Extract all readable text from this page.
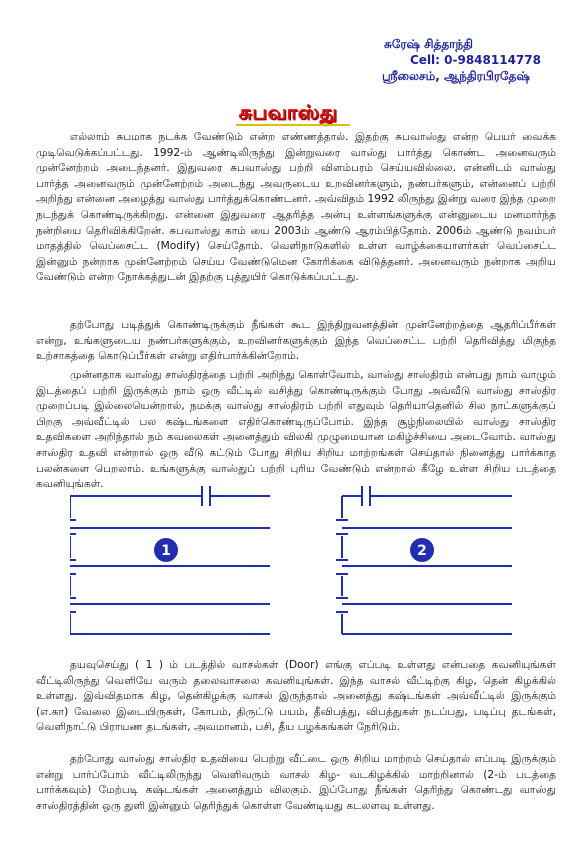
சுரேஷ் சித்தாந்தி
Cell: 0-9848114778
ஸ்ரீலைசம், ஆந்திரபிரதேஷ்
சுபவாஸ்து
எல்லாம் சுபமாக நடக்க வேண்டும் என்ற எண்ணத்தால். இதற்கு சுபவாஸ்து என்ற பெயர் வைக்க முடிவெடுக்கப்பட்டது. 1992-ம் ஆண்டிலிருந்து இன்றுவரை வாஸ்து பார்த்து கொண்ட அனைவரும் முன்னேற்றம் அடைந்தனர். இதுவரை சுபவாஸ்து பற்றி விளம்பரம் செய்யவில்லை. என்னிடம் வாஸ்து பார்த்த அனைவரும் முன்னேற்றம் அடைந்து அவருடைய உறவினர்களும், நண்பர்களும், என்னைப் பற்றி அறிந்து என்னை அழைத்து வாஸ்து பார்த்துக்கொண்டனர். அவ்விதம் 1992 லிருந்து இன்று வரை இந்த முறை நடந்துக் கொண்டிருக்கிறது. என்னை இதுவரை ஆதரித்த அன்பு உள்ளங்களுக்கு என்னுடைய மனமார்ந்த நன்றியை தெரிவிக்கிறேன். சுபவாஸ்து காம் யை 2003ம் ஆண்டு ஆரம்பித்தோம். 2006ம் ஆண்டு நவம்பர் மாதத்தில் வெப்சைட்ட (Modify) செய்தோம். வெளிநாடுகளில் உள்ள வாழ்க்கையாளர்கள் வெப்சைட்ட இன்னும் நன்றாக முன்னேற்றம் செய்ய வேண்டுமென கோரிக்கை விடுத்தனர். அனைவரும் நன்றாக அறிய வேண்டும் என்ற நோக்கத்துடன் இதற்கு புத்துயிர் கொடுக்கப்பட்டது.
தற்போது படித்துக் கொண்டிருக்கும் நீங்கள் கூட இந்திறுவனத்தின் முன்னேற்றத்தை ஆதரிப்பீர்கள் என்று, உங்களுடைய நண்பர்களுக்கும், உறவினர்களுக்கும் இந்த வெப்சைட்ட பற்றி தெரிவித்து மிகுந்த உற்சாகத்தை கொடுப்பீர்கள் என்று எதிர்பார்க்கின்றோம்.
முன்னதாக வாஸ்து சாஸ்திரத்தை பற்றி அறிந்து கொள்வோம், வாஸ்து சாஸ்திரம் என்பது நாம் வாழும் இடத்தைப் பற்றி இருக்கும் நாம் ஒரு வீட்டில் வசித்து கொண்டிருக்கும் போது அவ்வீடு வாஸ்து சாஸ்திர முறைப்படி இல்லையென்றால், நமக்கு வாஸ்து சாஸ்திரம் பற்றி எதுவும் தெரியாதெனில் சில நாட்களுக்குப் பிறகு அவ்வீட்டில் பல கஷ்டங்களை எதிர்கொண்டிருப்போம். இந்த சூழ்நிலையில் வாஸ்து சாஸ்திர உதவிகளை அறிந்தால் நம் கவலைகள் அனைத்தும் விலகி முழுமையான மகிழ்ச்சியை அடைவோம். வாஸ்து சாஸ்திர உதவி என்றால் ஒரு வீடு கட்டும் போது சிறிய சிறிய மாற்றங்கள் செய்தால் நினைத்து பார்க்காத பலன்களை பெறலாம். உங்களுக்கு வாஸ்துப் பற்றி புரிய வேண்டும் என்றால் கீழே உள்ள சிறிய படத்தை கவனியுங்கள்.
1	2
தயவுசெய்து ( 1 ) ம் படத்தில் வாசல்கள் (Door) எங்கு எப்படி உள்ளது என்பதை கவனியுங்கள் வீட்டிலிருந்து வெளியே வரும் தலைவாசலை கவனியுங்கள். இந்த வாசல் வீட்டிற்கு கிழ, தென் கிழக்கில் உள்ளது. இவ்விதமாக கிழ, தென்கிழக்கு வாசல் இருந்தால் அனைத்து கஷ்டங்கள் அவ்வீட்டில் இருக்கும் (எ.கா) வேலை இடையிருகள், கோபம், திருட்டு பயம், தீவிபத்து, விபத்துகள் நடப்பது, படிப்பு தடங்கள், வெளிநாட்டு பிராயண தடங்கள், அவமானம், பசி, தீய பழக்கங்கள் நேரிடும்.
தற்போது வாஸ்து சாஸ்திர உதவியை பெற்று வீட்டை ஒரு சிறிய மாற்றம் செய்தால் எப்படி இருக்கும் என்று பார்ப்போம் வீட்டிலிருந்து வெளிவரும் வாசல் கிழ- வடகிழக்கில் மாற்றினால் (2-ம் படத்தை பார்க்கவும்) மேற்படி கஷ்டங்கள் அனைத்தும் விலகும். இப்போது நீங்கள் தெரிந்து கொண்டது வாஸ்து சாஸ்திரத்தின் ஒரு துளி இன்னும் தெரிந்துக் கொள்ள வேண்டியது கடலளவு உள்ளது.
